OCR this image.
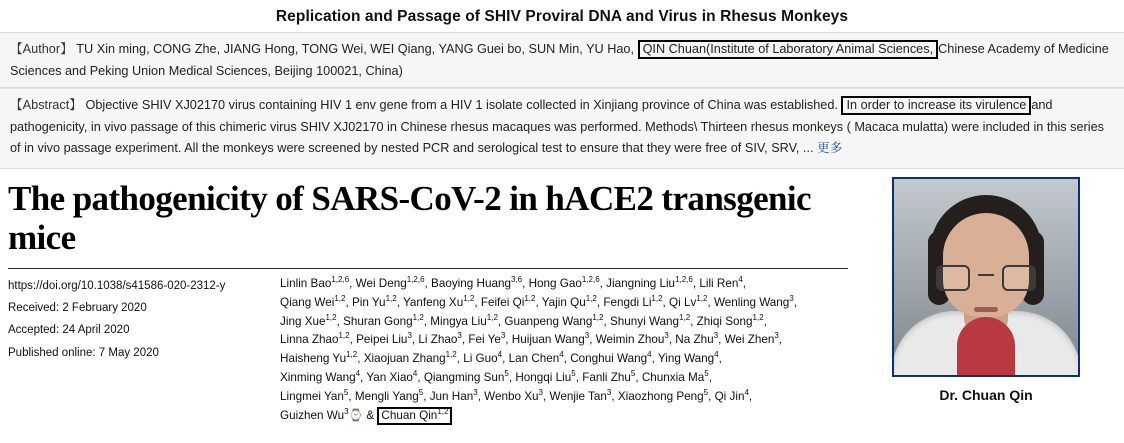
Replication and Passage of SHIV Proviral DNA and Virus in Rhesus Monkeys
【Author】 TU Xin ming, CONG Zhe, JIANG Hong, TONG Wei, WEI Qiang, YANG Guei bo, SUN Min, YU Hao, QIN Chuan(Institute of Laboratory Animal Sciences, Chinese Academy of Medicine Sciences and Peking Union Medical Sciences, Beijing 100021, China)
【Abstract】 Objective SHIV XJ02170 virus containing HIV 1 env gene from a HIV 1 isolate collected in Xinjiang province of China was established. In order to increase its virulence and pathogenicity, in vivo passage of this chimeric virus SHIV XJ02170 in Chinese rhesus macaques was performed. Methods\ Thirteen rhesus monkeys ( Macaca mulatta) were included in this series of in vivo passage experiment. All the monkeys were screened by nested PCR and serological test to ensure that they were free of SIV, SRV, ... 更多
The pathogenicity of SARS-CoV-2 in hACE2 transgenic mice
https://doi.org/10.1038/s41586-020-2312-y
Received: 2 February 2020
Accepted: 24 April 2020
Published online: 7 May 2020
Linlin Bao$^{1,2,6}$, Wei Deng$^{1,2,6}$, Baoying Huang$^{3,6}$, Hong Gao$^{1,2,6}$, Jiangning Liu$^{1,2,6}$, Lili Ren$^4$,
Qiang Wei$^{1,2}$, Pin Yu$^{1,2}$, Yanfeng Xu$^{1,2}$, Feifei Qi$^{1,2}$, Yajin Qu$^{1,2}$, Fengdi Li$^{1,2}$, Qi Lv$^{1,2}$, Wenling Wang$^3$,
Jing Xue$^{1,2}$, Shuran Gong$^{1,2}$, Mingya Liu$^{1,2}$, Guanpeng Wang$^{1,2}$, Shunyi Wang$^{1,2}$, Zhiqi Song$^{1,2}$,
Linna Zhao$^{1,2}$, Peipei Liu$^3$, Li Zhao$^3$, Fei Ye$^3$, Huijuan Wang$^3$, Weimin Zhou$^3$, Na Zhu$^3$, Wei Zhen$^3$,
Haisheng Yu$^{1,2}$, Xiaojuan Zhang$^{1,2}$, Li Guo$^4$, Lan Chen$^4$, Conghui Wang$^4$, Ying Wang$^4$,
Xinming Wang$^4$, Yan Xiao$^4$, Qiangming Sun$^5$, Hongqi Liu$^5$, Fanli Zhu$^5$, Chunxia Ma$^5$,
Lingmei Yan$^5$, Mengli Yang$^5$, Jun Han$^3$, Wenbo Xu$^3$, Wenjie Tan$^3$, Xiaozhong Peng$^5$, Qi Jin$^4$,
Guizhen Wu$^3$⌚ & Chuan Qin$^{1,2}$
Dr. Chuan Qin
